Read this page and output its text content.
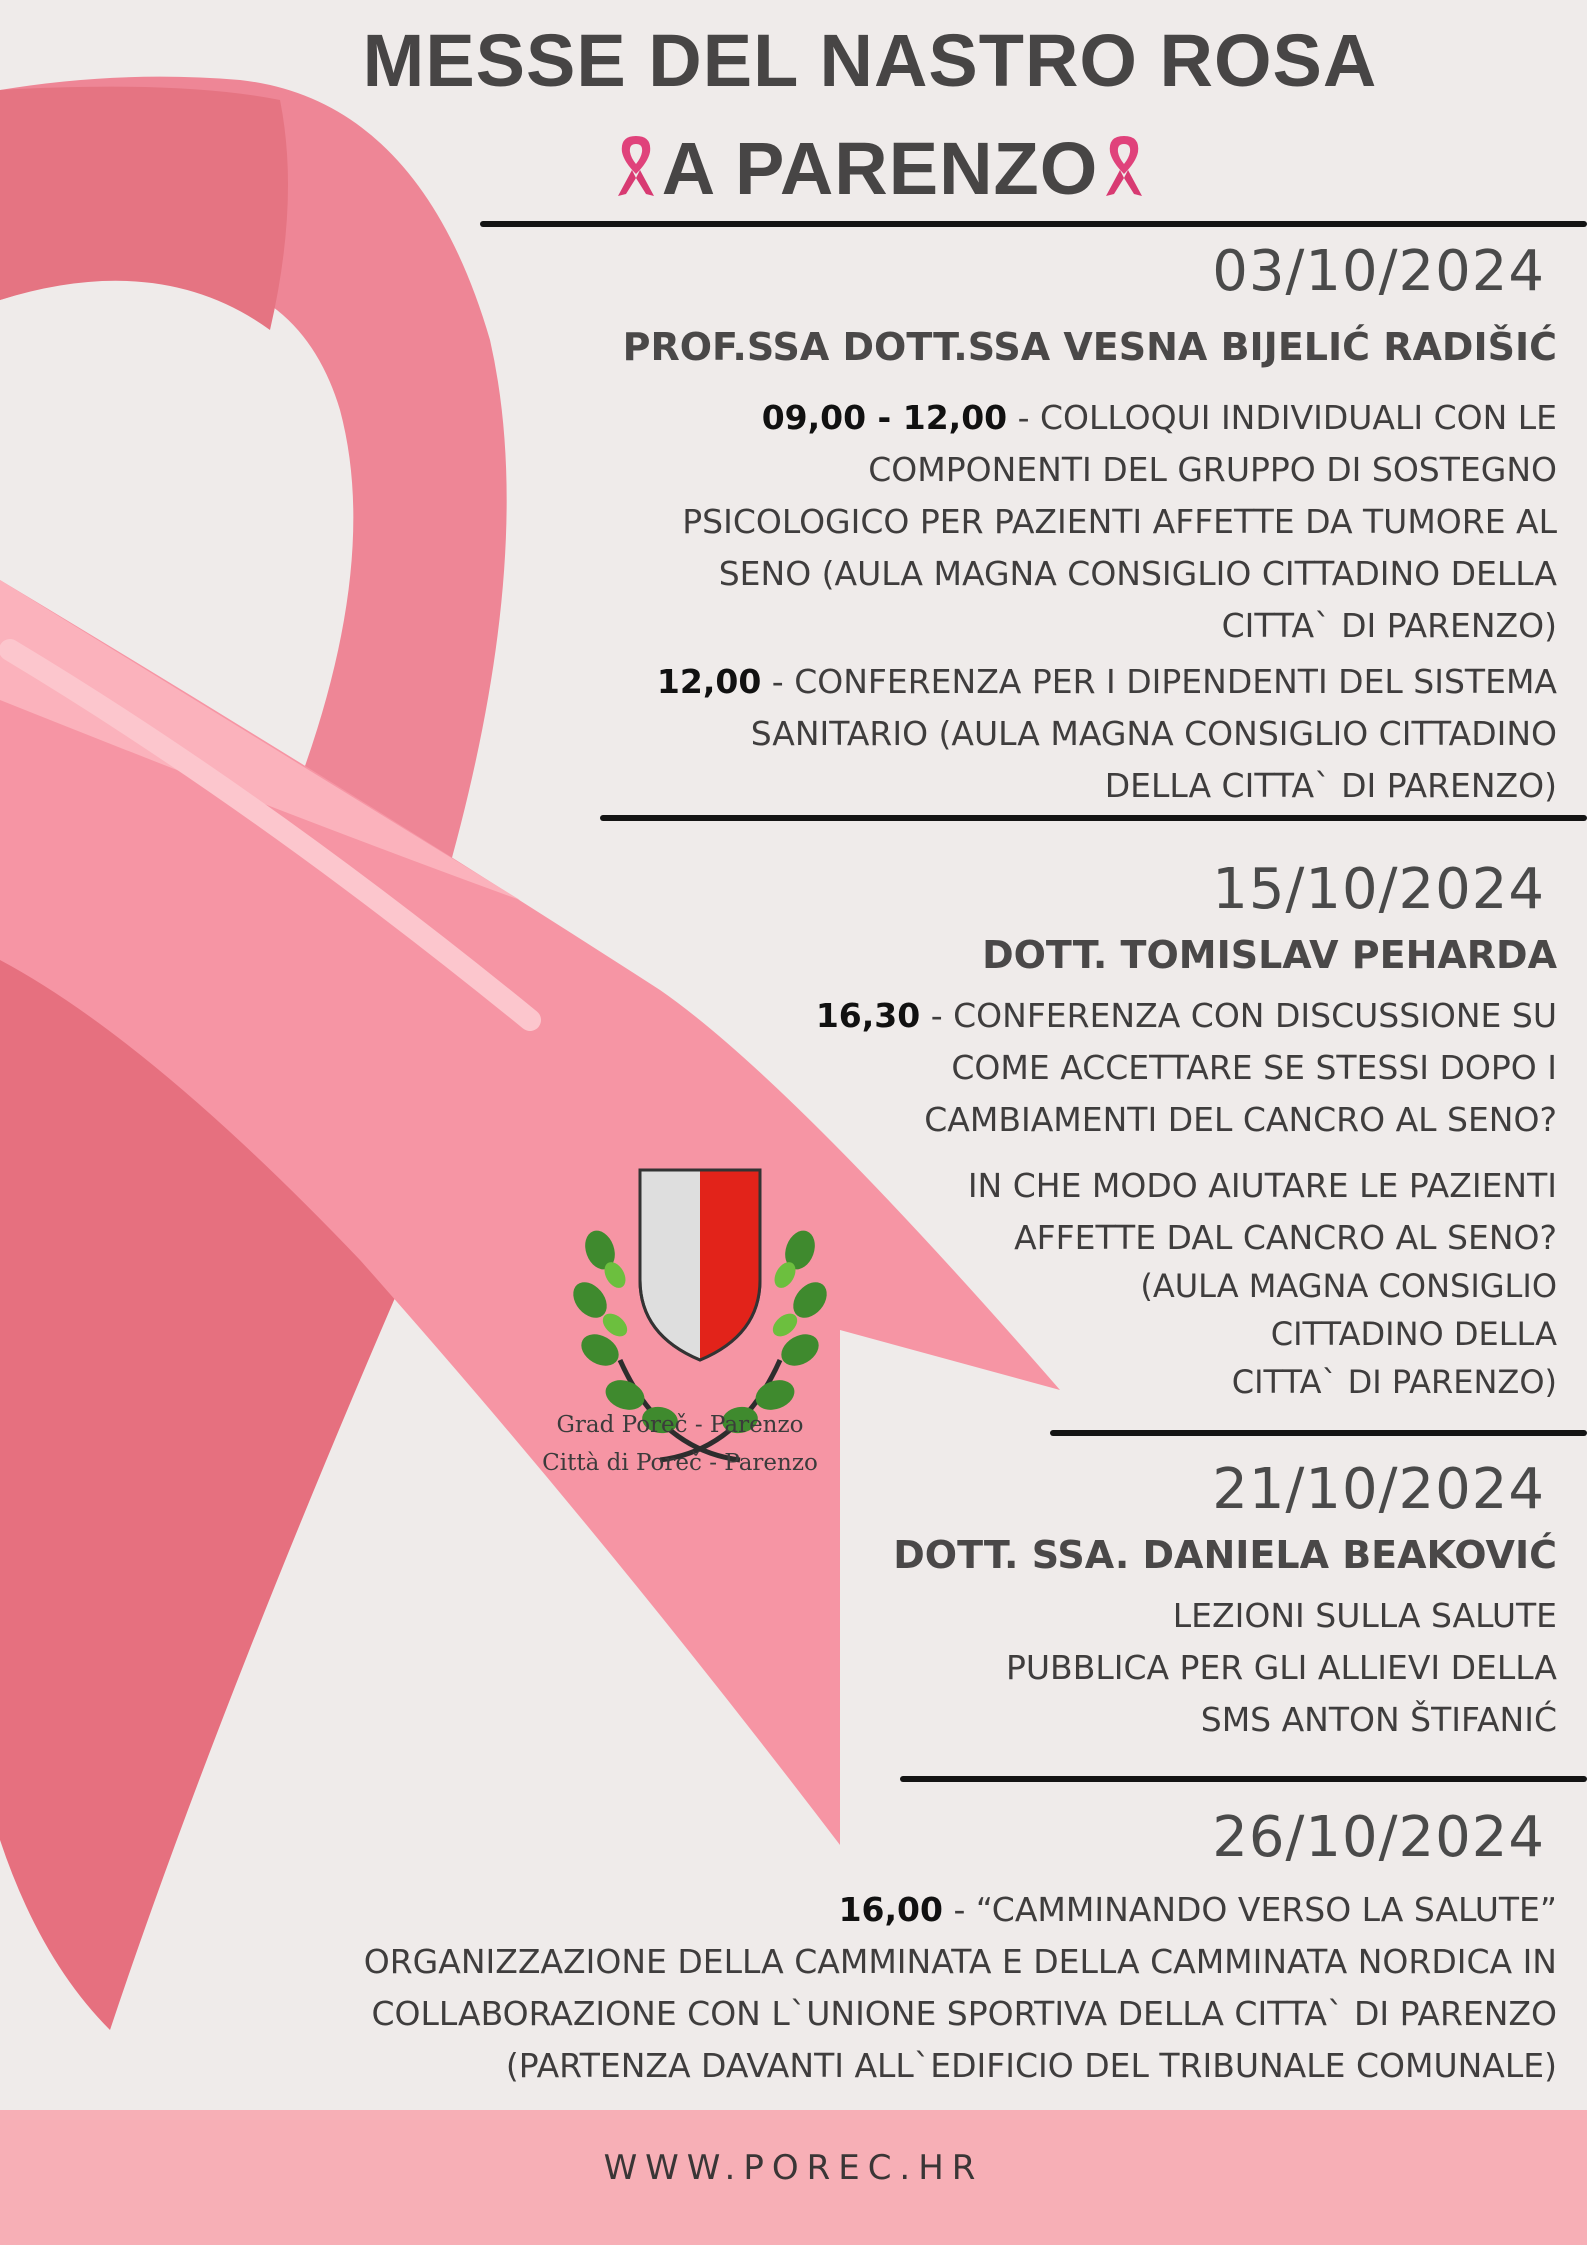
MESSE DEL NASTRO ROSA
A PARENZO
03/10/2024
PROF.SSA DOTT.SSA VESNA BIJELIĆ RADIŠIĆ
09,00 - 12,00 - COLLOQUI INDIVIDUALI CON LE
COMPONENTI DEL GRUPPO DI SOSTEGNO
PSICOLOGICO PER PAZIENTI AFFETTE DA TUMORE AL
SENO (AULA MAGNA CONSIGLIO CITTADINO DELLA
CITTA` DI PARENZO)
12,00 - CONFERENZA PER I DIPENDENTI DEL SISTEMA
SANITARIO (AULA MAGNA CONSIGLIO CITTADINO
DELLA CITTA` DI PARENZO)
15/10/2024
DOTT. TOMISLAV PEHARDA
16,30 - CONFERENZA CON DISCUSSIONE SU
COME ACCETTARE SE STESSI DOPO I
CAMBIAMENTI DEL CANCRO AL SENO?
IN CHE MODO AIUTARE LE PAZIENTI
AFFETTE DAL CANCRO AL SENO?
(AULA MAGNA CONSIGLIO
CITTADINO DELLA
CITTA` DI PARENZO)
21/10/2024
DOTT. SSA. DANIELA BEAKOVIĆ
LEZIONI SULLA SALUTE
PUBBLICA PER GLI ALLIEVI DELLA
SMS ANTON ŠTIFANIĆ
26/10/2024
16,00 - “CAMMINANDO VERSO LA SALUTE”
ORGANIZZAZIONE DELLA CAMMINATA E DELLA CAMMINATA NORDICA IN
COLLABORAZIONE CON L`UNIONE SPORTIVA DELLA CITTA` DI PARENZO
(PARTENZA DAVANTI ALL`EDIFICIO DEL TRIBUNALE COMUNALE)
Grad Poreč - Parenzo
Città di Poreč - Parenzo
WWW.POREC.HR
